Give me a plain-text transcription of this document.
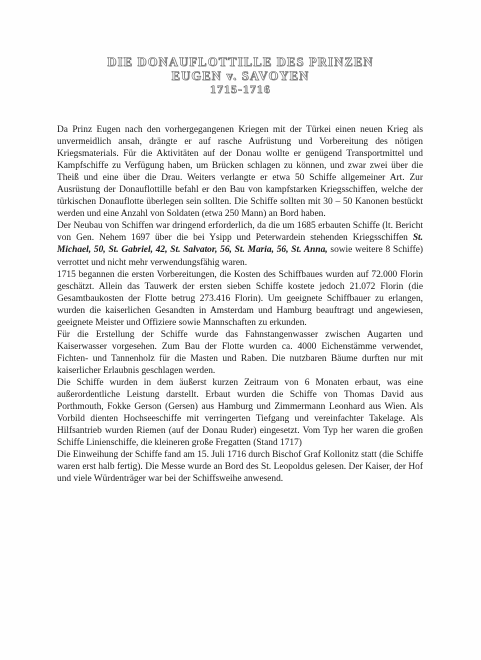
DIE DONAUFLOTTILLE DES PRINZEN
EUGEN v. SAVOYEN
1715-1716

Da Prinz Eugen nach den vorhergegangenen Kriegen mit der Türkei einen neuen Krieg als unvermeidlich ansah, drängte er auf rasche Aufrüstung und Vorbereitung des nötigen Kriegsmaterials. Für die Aktivitäten auf der Donau wollte er genügend Transportmittel und Kampfschiffe zu Verfügung haben, um Brücken schlagen zu können, und zwar zwei über die Theiß und eine über die Drau. Weiters verlangte er etwa 50 Schiffe allgemeiner Art. Zur Ausrüstung der Donauflottille befahl er den Bau von kampfstarken Kriegsschiffen, welche der türkischen Donauflotte überlegen sein sollten. Die Schiffe sollten mit 30 – 50 Kanonen bestückt werden und eine Anzahl von Soldaten (etwa 250 Mann) an Bord haben.

Der Neubau von Schiffen war dringend erforderlich, da die um 1685 erbauten Schiffe (lt. Bericht von Gen. Nehem 1697 über die bei Ysipp und Peterwardein stehenden Kriegsschiffen St. Michael, 50, St. Gabriel, 42, St. Salvator, 56, St. Maria, 56, St. Anna, sowie weitere 8 Schiffe) verrottet und nicht mehr verwendungsfähig waren.

1715 begannen die ersten Vorbereitungen, die Kosten des Schiffbaues wurden auf 72.000 Florin geschätzt. Allein das Tauwerk der ersten sieben Schiffe kostete jedoch 21.072 Florin (die Gesamtbaukosten der Flotte betrug 273.416 Florin). Um geeignete Schiffbauer zu erlangen, wurden die kaiserlichen Gesandten in Amsterdam und Hamburg beauftragt und angewiesen, geeignete Meister und Offiziere sowie Mannschaften zu erkunden.

Für die Erstellung der Schiffe wurde das Fahnstangenwasser zwischen Augarten und Kaiserwasser vorgesehen. Zum Bau der Flotte wurden ca. 4000 Eichenstämme verwendet, Fichten- und Tannenholz für die Masten und Raben. Die nutzbaren Bäume durften nur mit kaiserlicher Erlaubnis geschlagen werden.

Die Schiffe wurden in dem äußerst kurzen Zeitraum von 6 Monaten erbaut, was eine außerordentliche Leistung darstellt. Erbaut wurden die Schiffe von Thomas David aus Porthmouth, Fokke Gerson (Gersen) aus Hamburg und Zimmermann Leonhard aus Wien. Als Vorbild dienten Hochseeschiffe mit verringerten Tiefgang und vereinfachter Takelage. Als Hilfsantrieb wurden Riemen (auf der Donau Ruder) eingesetzt. Vom Typ her waren die großen Schiffe Linienschiffe, die kleineren große Fregatten (Stand 1717)

Die Einweihung der Schiffe fand am 15. Juli 1716 durch Bischof Graf Kollonitz statt (die Schiffe waren erst halb fertig). Die Messe wurde an Bord des St. Leopoldus gelesen. Der Kaiser, der Hof und viele Würdenträger war bei der Schiffsweihe anwesend.
